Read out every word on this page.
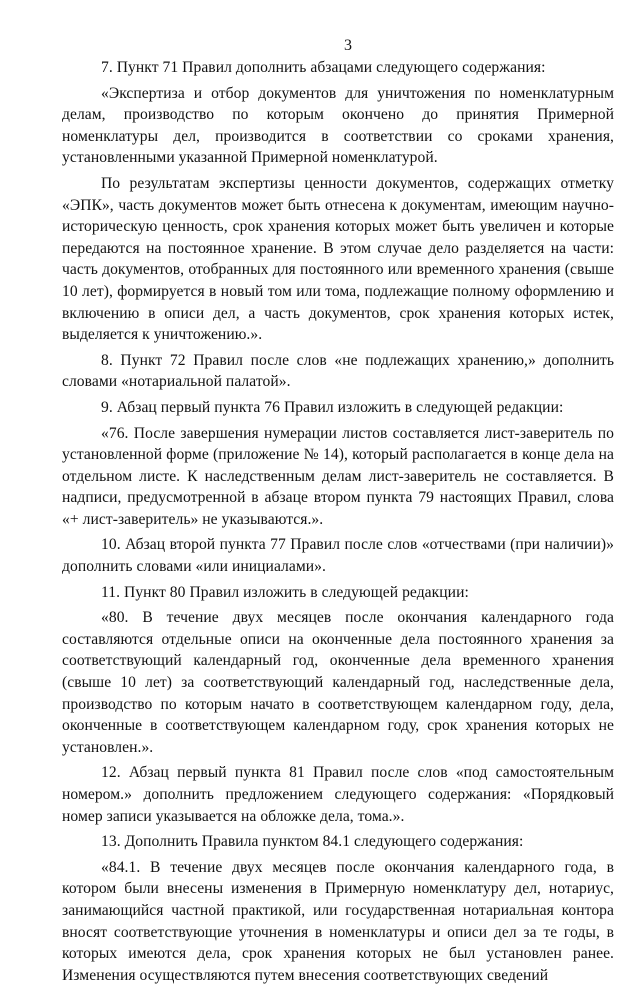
3

7. Пункт 71 Правил дополнить абзацами следующего содержания:

«Экспертиза и отбор документов для уничтожения по номенклатурным делам, производство по которым окончено до принятия Примерной номенклатуры дел, производится в соответствии со сроками хранения, установленными указанной Примерной номенклатурой.

По результатам экспертизы ценности документов, содержащих отметку «ЭПК», часть документов может быть отнесена к документам, имеющим научно-историческую ценность, срок хранения которых может быть увеличен и которые передаются на постоянное хранение. В этом случае дело разделяется на части: часть документов, отобранных для постоянного или временного хранения (свыше 10 лет), формируется в новый том или тома, подлежащие полному оформлению и включению в описи дел, а часть документов, срок хранения которых истек, выделяется к уничтожению.».

8. Пункт 72 Правил после слов «не подлежащих хранению,» дополнить словами «нотариальной палатой».

9. Абзац первый пункта 76 Правил изложить в следующей редакции:

«76. После завершения нумерации листов составляется лист-заверитель по установленной форме (приложение № 14), который располагается в конце дела на отдельном листе. К наследственным делам лист-заверитель не составляется. В надписи, предусмотренной в абзаце втором пункта 79 настоящих Правил, слова «+ лист-заверитель» не указываются.».

10. Абзац второй пункта 77 Правил после слов «отчествами (при наличии)» дополнить словами «или инициалами».

11. Пункт 80 Правил изложить в следующей редакции:

«80. В течение двух месяцев после окончания календарного года составляются отдельные описи на оконченные дела постоянного хранения за соответствующий календарный год, оконченные дела временного хранения (свыше 10 лет) за соответствующий календарный год, наследственные дела, производство по которым начато в соответствующем календарном году, дела, оконченные в соответствующем календарном году, срок хранения которых не установлен.».

12. Абзац первый пункта 81 Правил после слов «под самостоятельным номером.» дополнить предложением следующего содержания: «Порядковый номер записи указывается на обложке дела, тома.».

13. Дополнить Правила пунктом 84.1 следующего содержания:

«84.1. В течение двух месяцев после окончания календарного года, в котором были внесены изменения в Примерную номенклатуру дел, нотариус, занимающийся частной практикой, или государственная нотариальная контора вносят соответствующие уточнения в номенклатуры и описи дел за те годы, в которых имеются дела, срок хранения которых не был установлен ранее. Изменения осуществляются путем внесения соответствующих сведений
